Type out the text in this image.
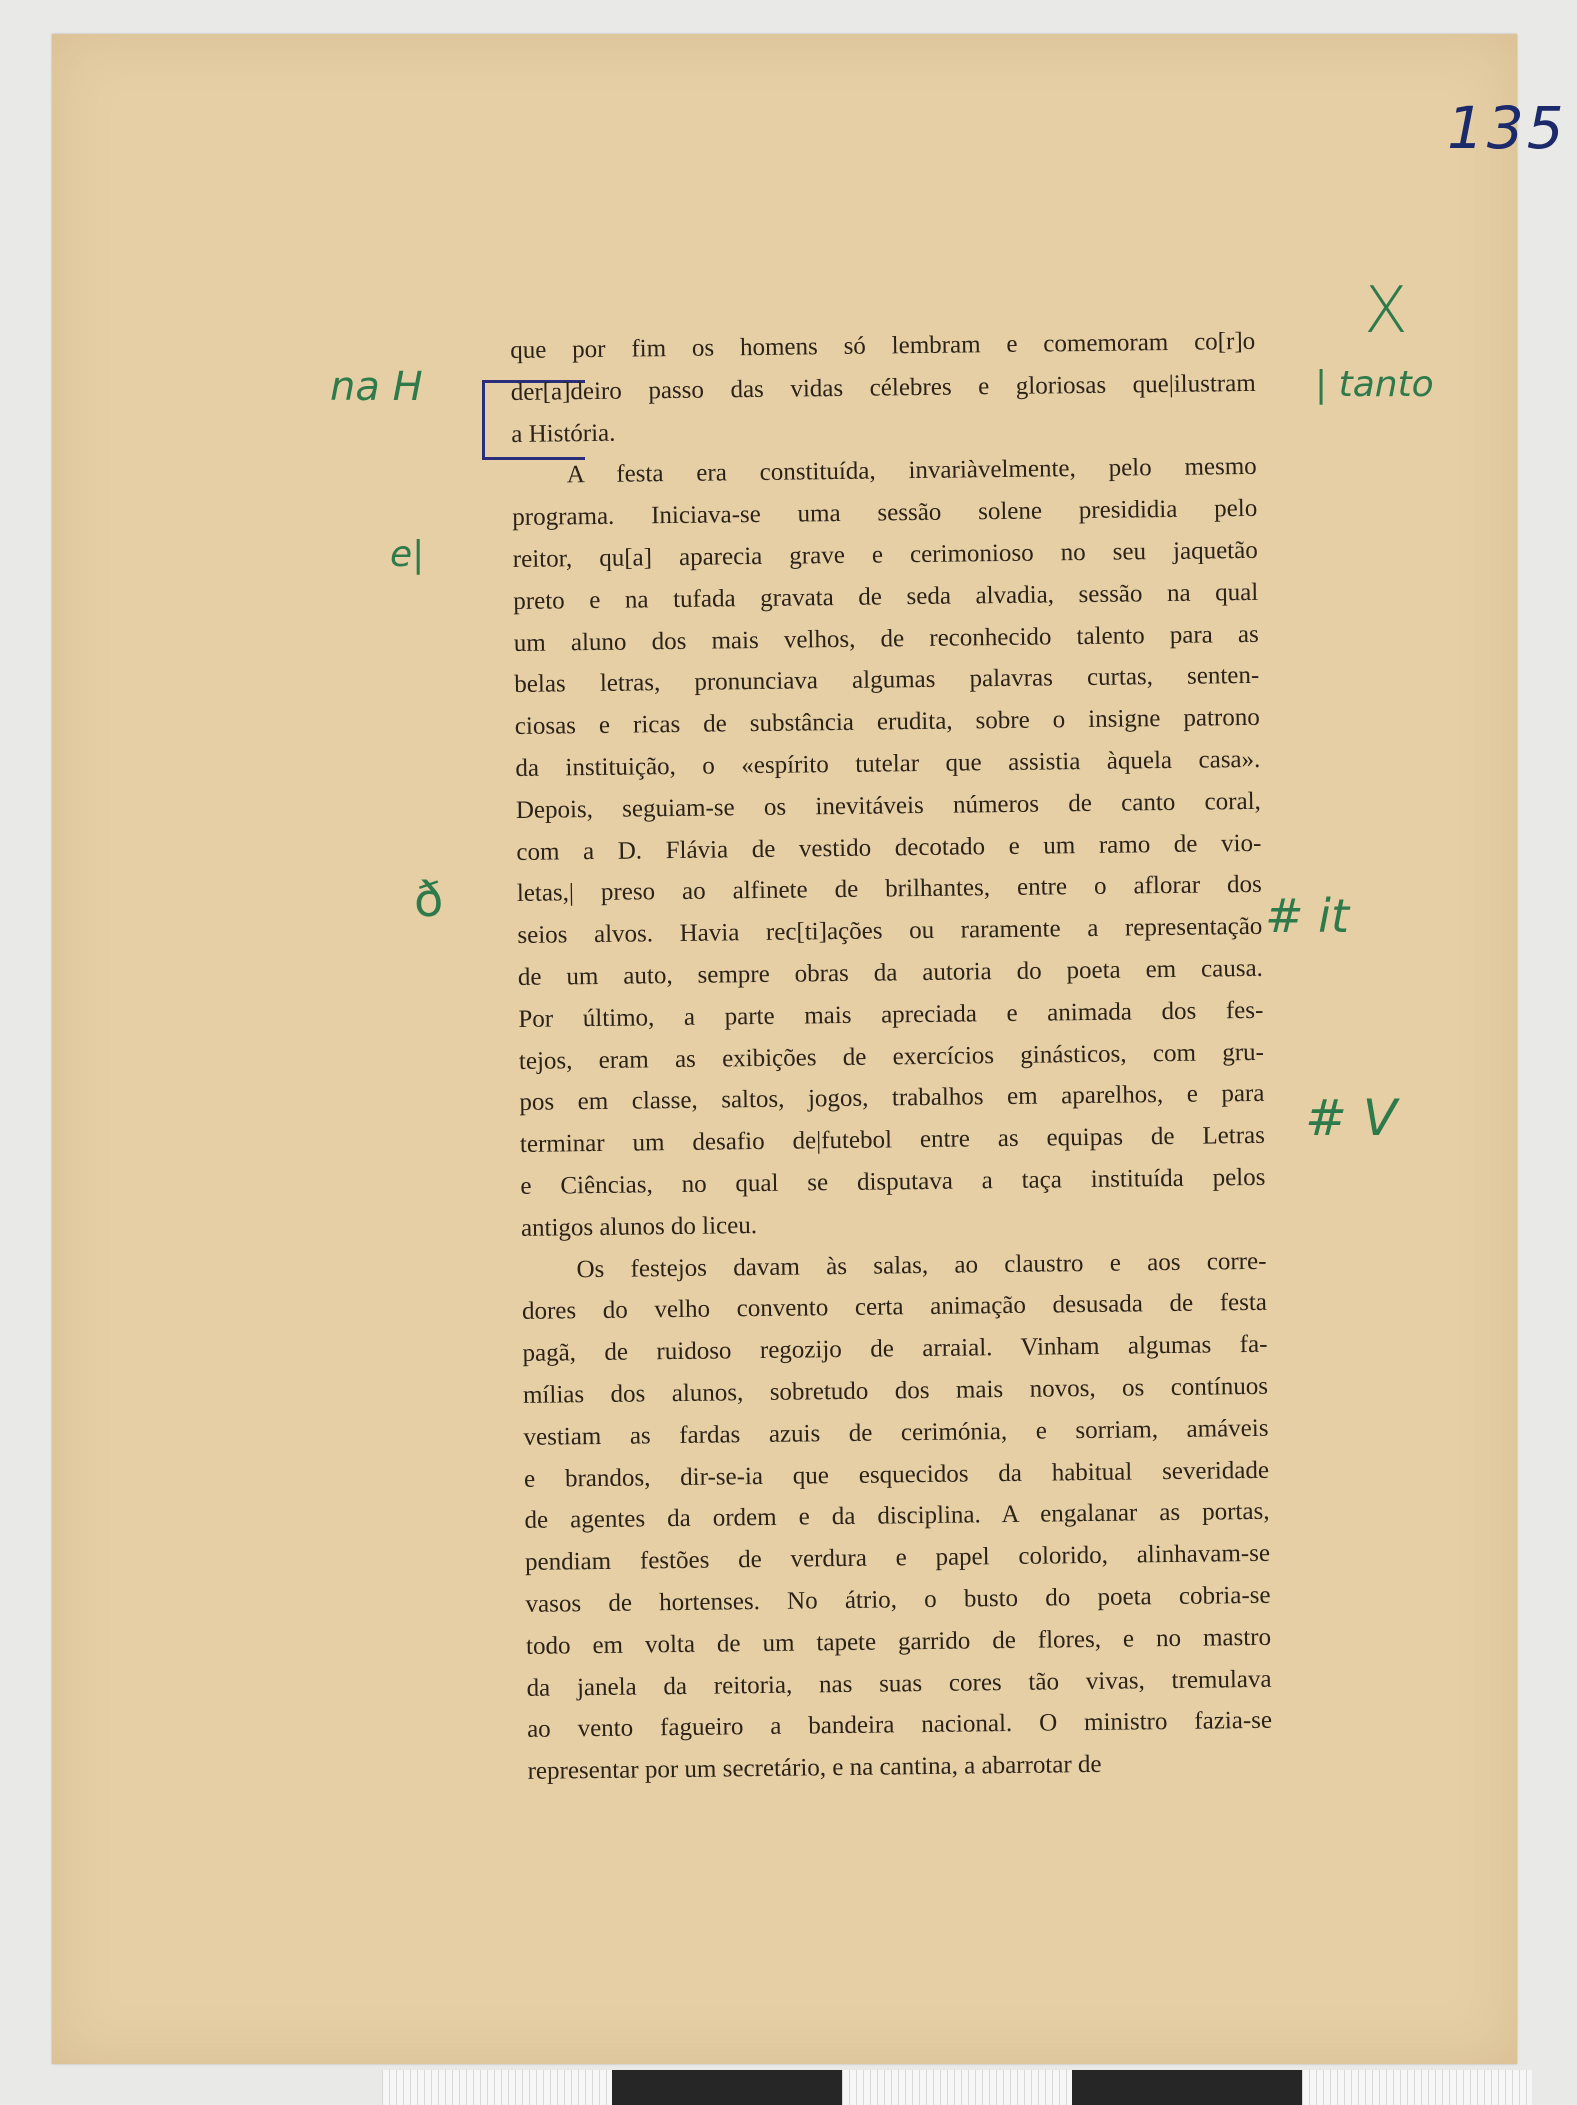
135
na H
e|
ð
X
| tanto
# it
# V
que por fim os homens só lembram e comemoram co[r]o
der[a]deiro passo das vidas célebres e gloriosas que|ilustram
a História.
A festa era constituída, invariàvelmente, pelo mesmo
programa. Iniciava-se uma sessão solene presididia pelo
reitor, qu[a] aparecia grave e cerimonioso no seu jaquetão
preto e na tufada gravata de seda alvadia, sessão na qual
um aluno dos mais velhos, de reconhecido talento para as
belas letras, pronunciava algumas palavras curtas, senten-
ciosas e ricas de substância erudita, sobre o insigne patrono
da instituição, o «espírito tutelar que assistia àquela casa».
Depois, seguiam-se os inevitáveis números de canto coral,
com a D. Flávia de vestido decotado e um ramo de vio-
letas,| preso ao alfinete de brilhantes, entre o aflorar dos
seios alvos. Havia rec[ti]ações ou raramente a representação
de um auto, sempre obras da autoria do poeta em causa.
Por último, a parte mais apreciada e animada dos fes-
tejos, eram as exibições de exercícios ginásticos, com gru-
pos em classe, saltos, jogos, trabalhos em aparelhos, e para
terminar um desafio de|futebol entre as equipas de Letras
e Ciências, no qual se disputava a taça instituída pelos
antigos alunos do liceu.
Os festejos davam às salas, ao claustro e aos corre-
dores do velho convento certa animação desusada de festa
pagã, de ruidoso regozijo de arraial. Vinham algumas fa-
mílias dos alunos, sobretudo dos mais novos, os contínuos
vestiam as fardas azuis de cerimónia, e sorriam, amáveis
e brandos, dir-se-ia que esquecidos da habitual severidade
de agentes da ordem e da disciplina. A engalanar as portas,
pendiam festões de verdura e papel colorido, alinhavam-se
vasos de hortenses. No átrio, o busto do poeta cobria-se
todo em volta de um tapete garrido de flores, e no mastro
da janela da reitoria, nas suas cores tão vivas, tremulava
ao vento fagueiro a bandeira nacional. O ministro fazia-se
representar por um secretário, e na cantina, a abarrotar de
